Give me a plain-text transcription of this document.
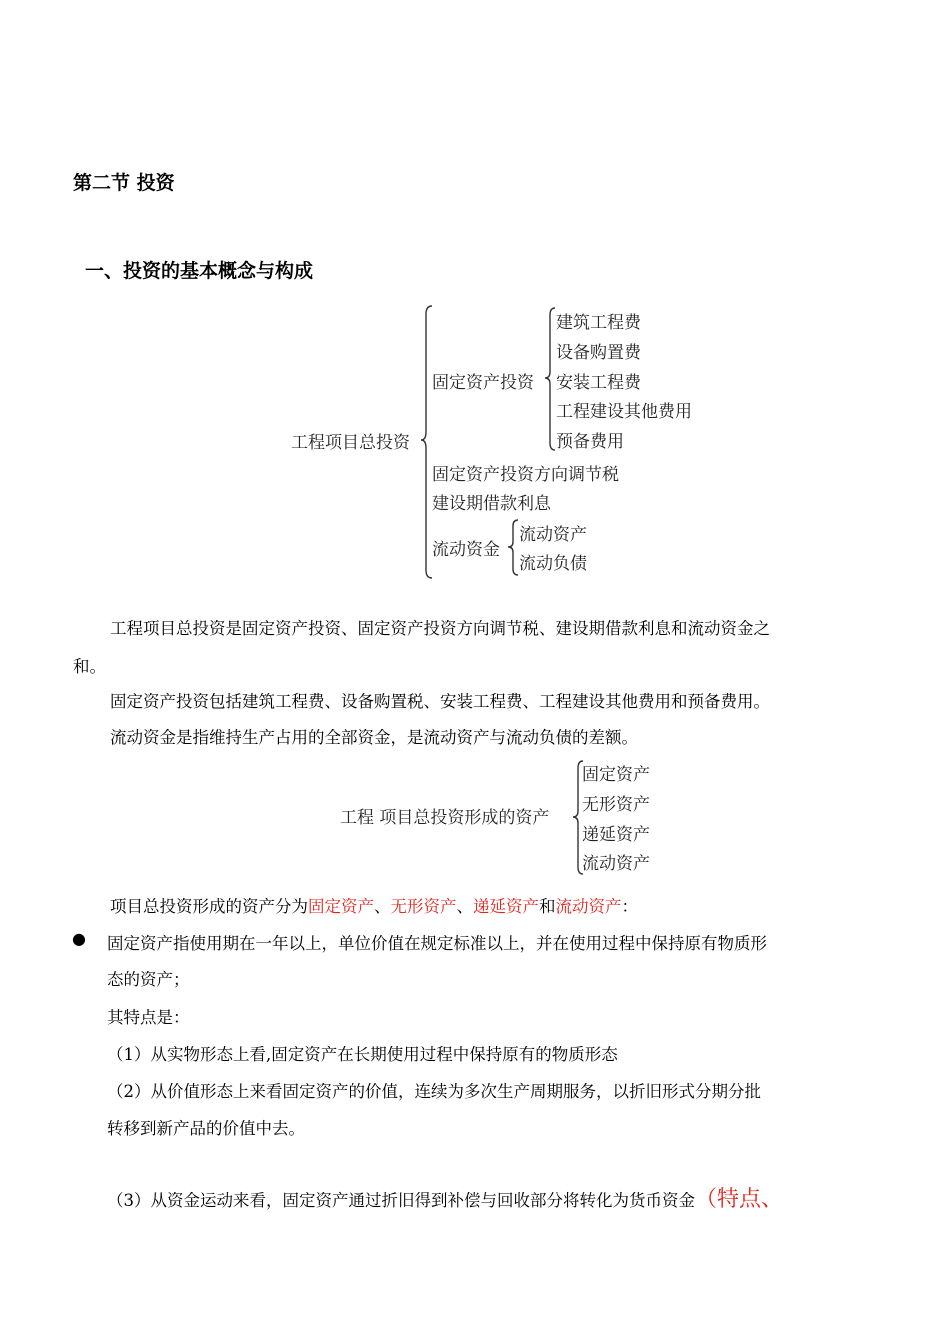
第二节 投资
一、投资的基本概念与构成
工程项目总投资
固定资产投资
建筑工程费
设备购置费
安装工程费
工程建设其他费用
预备费用
固定资产投资方向调节税
建设期借款利息
流动资金
流动资产
流动负债
工程项目总投资是固定资产投资、固定资产投资方向调节税、建设期借款利息和流动资金之
和。
固定资产投资包括建筑工程费、设备购置税、安装工程费、工程建设其他费用和预备费用。
流动资金是指维持生产占用的全部资金，是流动资产与流动负债的差额。
工程 项目总投资形成的资产
固定资产
无形资产
递延资产
流动资产
项目总投资形成的资产分为固定资产、无形资产、递延资产和流动资产：
● 固定资产指使用期在一年以上，单位价值在规定标准以上，并在使用过程中保持原有物质形
态的资产；
其特点是：
（1）从实物形态上看,固定资产在长期使用过程中保持原有的物质形态
（2）从价值形态上来看固定资产的价值，连续为多次生产周期服务，以折旧形式分期分批
转移到新产品的价值中去。
（3）从资金运动来看，固定资产通过折旧得到补偿与回收部分将转化为货币资金（特点、
